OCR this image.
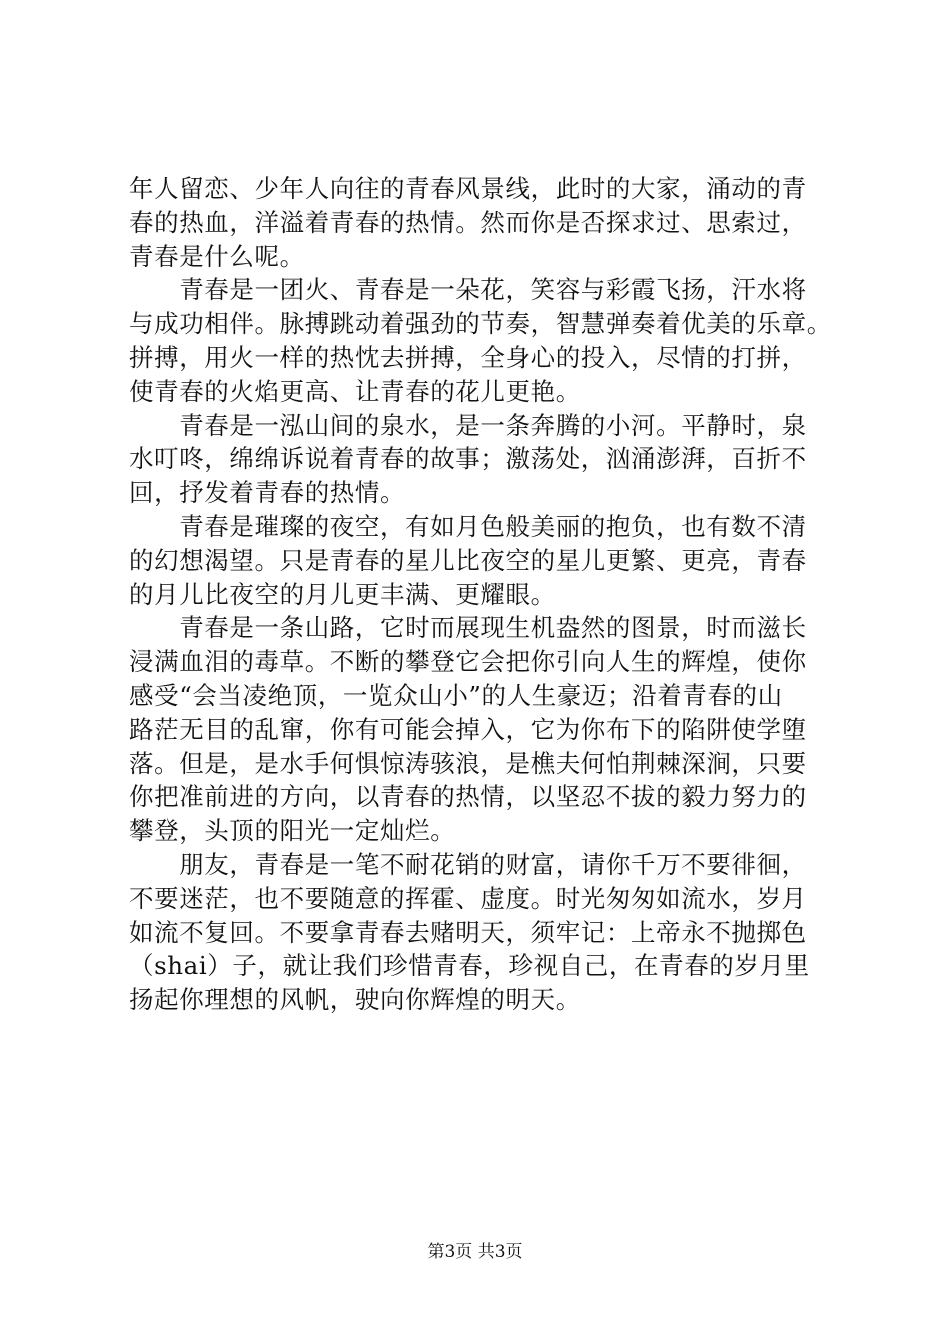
年人留恋、少年人向往的青春风景线，此时的大家，涌动的青
春的热血，洋溢着青春的热情。然而你是否探求过、思索过，
青春是什么呢。
　　青春是一团火、青春是一朵花，笑容与彩霞飞扬，汗水将
与成功相伴。脉搏跳动着强劲的节奏，智慧弹奏着优美的乐章。
拼搏，用火一样的热忱去拼搏，全身心的投入，尽情的打拼，
使青春的火焰更高、让青春的花儿更艳。
　　青春是一泓山间的泉水，是一条奔腾的小河。平静时，泉
水叮咚，绵绵诉说着青春的故事；激荡处，汹涌澎湃，百折不
回，抒发着青春的热情。
　　青春是璀璨的夜空，有如月色般美丽的抱负，也有数不清
的幻想渴望。只是青春的星儿比夜空的星儿更繁、更亮，青春
的月儿比夜空的月儿更丰满、更耀眼。
　　青春是一条山路，它时而展现生机盎然的图景，时而滋长
浸满血泪的毒草。不断的攀登它会把你引向人生的辉煌，使你
感受“会当凌绝顶，一览众山小”的人生豪迈；沿着青春的山
路茫无目的乱窜，你有可能会掉入，它为你布下的陷阱使学堕
落。但是，是水手何惧惊涛骇浪，是樵夫何怕荆棘深涧，只要
你把准前进的方向，以青春的热情，以坚忍不拔的毅力努力的
攀登，头顶的阳光一定灿烂。
　　朋友，青春是一笔不耐花销的财富，请你千万不要徘徊，
不要迷茫，也不要随意的挥霍、虚度。时光匆匆如流水，岁月
如流不复回。不要拿青春去赌明天，须牢记：上帝永不抛掷色
（shai）子，就让我们珍惜青春，珍视自己，在青春的岁月里
扬起你理想的风帆，驶向你辉煌的明天。
第3页 共3页
